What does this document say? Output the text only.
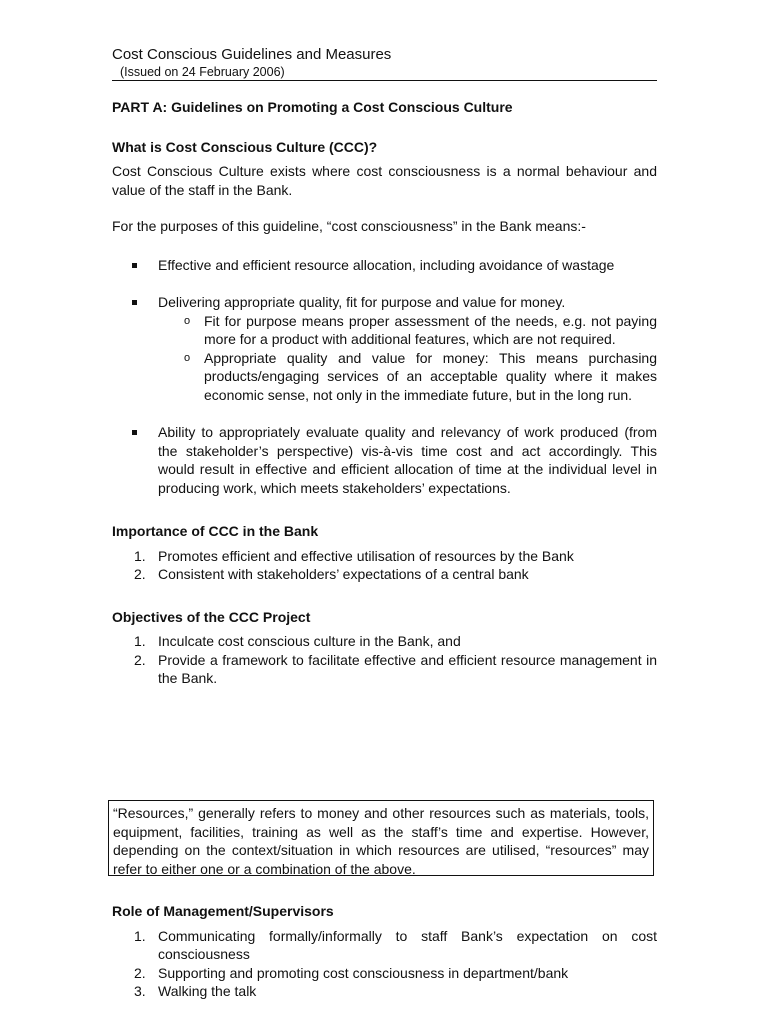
Cost Conscious Guidelines and Measures
(Issued on 24 February 2006)
PART A: Guidelines on Promoting a Cost Conscious Culture
What is Cost Conscious Culture (CCC)?

Cost Conscious Culture exists where cost consciousness is a normal behaviour and value of the staff in the Bank.

For the purposes of this guideline, “cost consciousness” in the Bank means:-

Effective and efficient resource allocation, including avoidance of wastage
Delivering appropriate quality, fit for purpose and value for money.
o Fit for purpose means proper assessment of the needs, e.g. not paying more for a product with additional features, which are not required.
o Appropriate quality and value for money: This means purchasing products/engaging services of an acceptable quality where it makes economic sense, not only in the immediate future, but in the long run.
Ability to appropriately evaluate quality and relevancy of work produced (from the stakeholder’s perspective) vis-à-vis time cost and act accordingly. This would result in effective and efficient allocation of time at the individual level in producing work, which meets stakeholders’ expectations.
Importance of CCC in the Bank
1. Promotes efficient and effective utilisation of resources by the Bank
2. Consistent with stakeholders’ expectations of a central bank
Objectives of the CCC Project
1. Inculcate cost conscious culture in the Bank, and
2. Provide a framework to facilitate effective and efficient resource management in the Bank.
“Resources,” generally refers to money and other resources such as materials, tools, equipment, facilities, training as well as the staff’s time and expertise. However, depending on the context/situation in which resources are utilised, “resources” may refer to either one or a combination of the above.
Role of Management/Supervisors
1. Communicating formally/informally to staff Bank’s expectation on cost consciousness
2. Supporting and promoting cost consciousness in department/bank
3. Walking the talk
